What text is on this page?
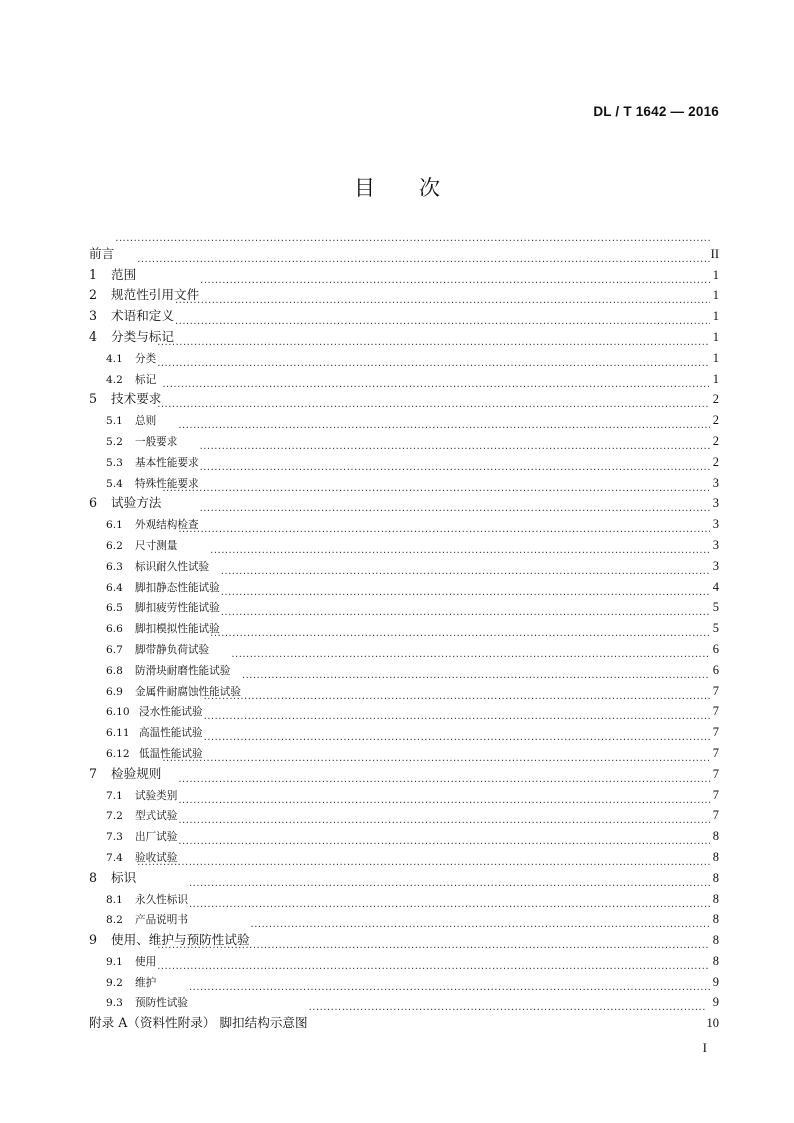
DL / T 1642 — 2016
目 次
前言 ·····	II
1	范围 ·····	1
2	规范性引用文件 ·····	1
3	术语和定义 ·····	1
4	分类与标记 ·····	1
4.1	分类 ·····	1
4.2	标记 ·····	1
5	技术要求 ·····	2
5.1	总则 ·····	2
5.2	一般要求 ·····	2
5.3	基本性能要求 ·····	2
5.4	特殊性能要求 ·····	3
6	试验方法 ·····	3
6.1	外观结构检查 ·····	3
6.2	尺寸测量 ·····	3
6.3	标识耐久性试验 ·····	3
6.4	脚扣静态性能试验 ·····	4
6.5	脚扣疲劳性能试验 ·····	5
6.6	脚扣模拟性能试验 ·····	5
6.7	脚带静负荷试验 ·····	6
6.8	防滑块耐磨性能试验 ·····	6
6.9	金属件耐腐蚀性能试验 ·····	7
6.10 浸水性能试验 ·····	7
6.11 高温性能试验 ·····	7
6.12 低温性能试验 ·····	7
7	检验规则 ·····	7
7.1	试验类别 ·····	7
7.2	型式试验 ·····	7
7.3	出厂试验 ·····	8
7.4	验收试验 ·····	8
8	标识 ·····	8
8.1	永久性标识 ·····	8
8.2	产品说明书 ·····	8
9	使用、维护与预防性试验 ·····	8
9.1	使用 ·····	8
9.2	维护 ·····	9
9.3	预防性试验 ·····	9
附录 A（资料性附录） 脚扣结构示意图 ·····	10
I
